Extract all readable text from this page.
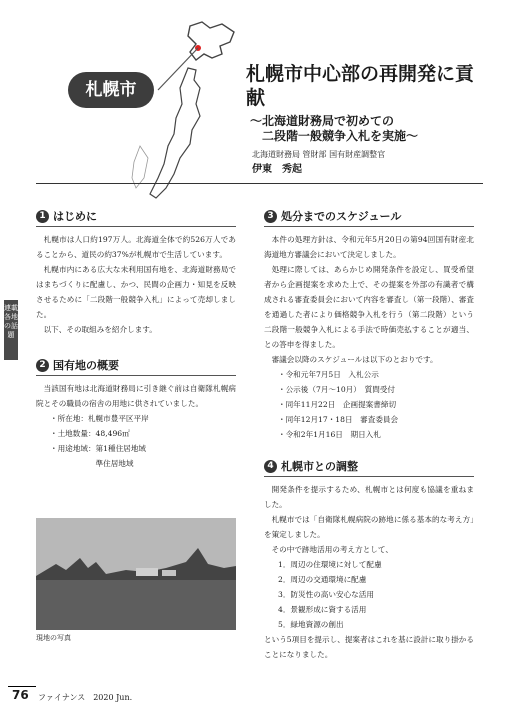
札幌市
札幌市中心部の再開発に貢献
〜北海道財務局で初めての
二段階一般競争入札を実施〜
北海道財務局 管財部 国有財産調整官
伊東　秀起
連載 各地の話題
1 はじめに

札幌市は人口約197万人。北海道全体で約526万人であることから、道民の約37%が札幌市で生活しています。

札幌市内にある広大な未利用国有地を、北海道財務局ではまちづくりに配慮し、かつ、民間の企画力・知見を反映させるために「二段階一般競争入札」によって売却しました。

以下、その取組みを紹介します。

2 国有地の概要

当該国有地は北海道財務局に引き継ぐ前は自衛隊札幌病院とその職員の宿舎の用地に供されていました。

・所在地：札幌市豊平区平岸
・土地数量：48,496㎡
・用途地域：第1種住居地域
　　　　　　準住居地域
現地の写真
3 処分までのスケジュール

本件の処理方針は、令和元年5月20日の第94回国有財産北海道地方審議会において決定しました。

処理に際しては、あらかじめ開発条件を設定し、買受希望者から企画提案を求めた上で、その提案を外部の有識者で構成される審査委員会において内容を審査し（第一段階）、審査を通過した者により価格競争入札を行う（第二段階）という二段階一般競争入札による手法で時価売払することが適当、との答申を得ました。

審議会以降のスケジュールは以下のとおりです。

・令和元年7月5日　入札公示
・公示後（7月〜10月）　質問受付
・同年11月22日　企画提案書締切
・同年12月17・18日　審査委員会
・令和2年1月16日　期日入札
4 札幌市との調整

開発条件を提示するため、札幌市とは何度も協議を重ねました。

札幌市では「自衛隊札幌病院の跡地に係る基本的な考え方」を策定しました。

その中で跡地活用の考え方として、

1．周辺の住環境に対して配慮
2．周辺の交通環境に配慮
3．防災性の高い安心な活用
4．景観形成に資する活用
5．緑地資源の創出

という5項目を提示し、提案者はこれを基に設計に取り掛かることになりました。

76 ファイナンス　2020 Jun.
